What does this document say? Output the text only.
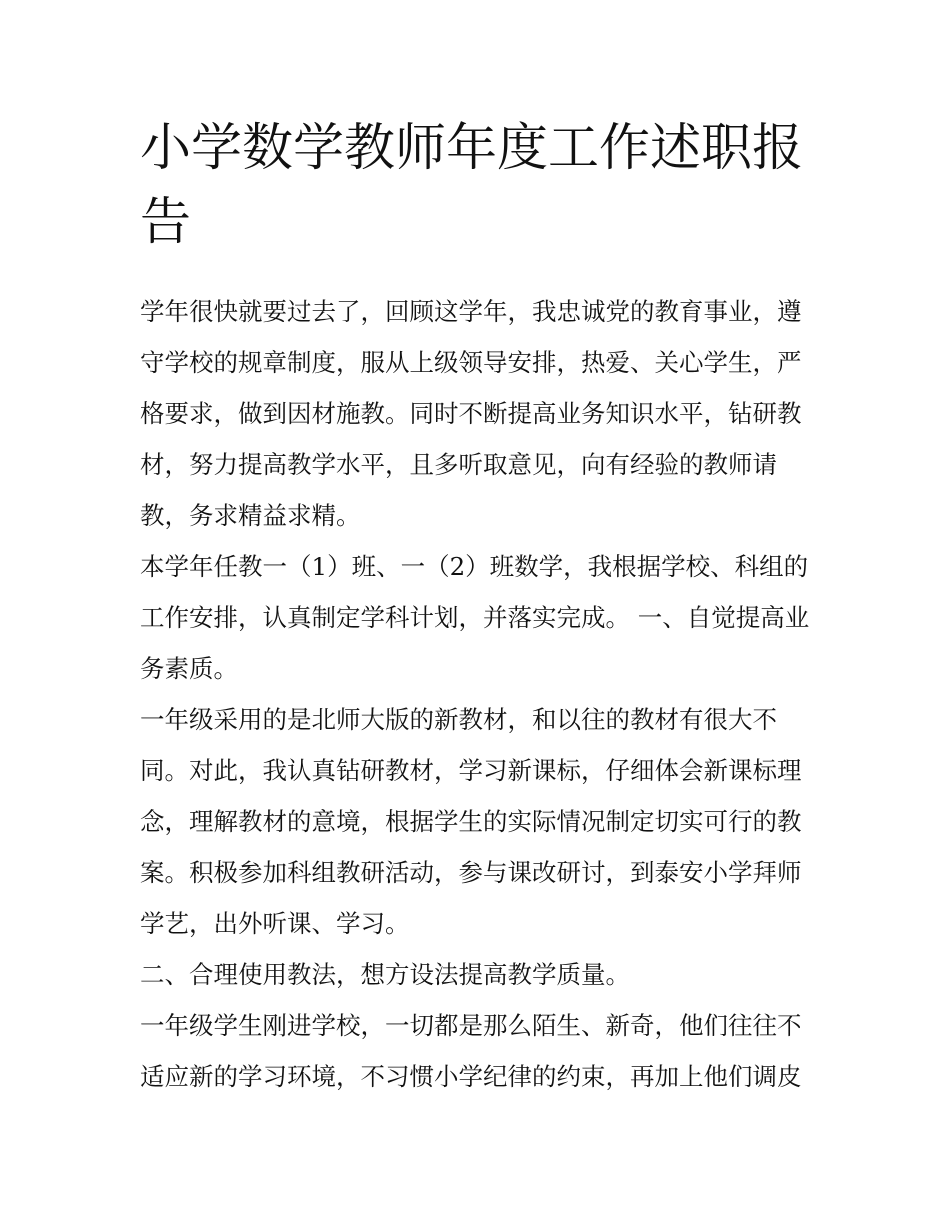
小学数学教师年度工作述职报告

学年很快就要过去了，回顾这学年，我忠诚党的教育事业，遵守学校的规章制度，服从上级领导安排，热爱、关心学生，严格要求，做到因材施教。同时不断提高业务知识水平，钻研教材，努力提高教学水平，且多听取意见，向有经验的教师请教，务求精益求精。

本学年任教一（1）班、一（2）班数学，我根据学校、科组的工作安排，认真制定学科计划，并落实完成。 一、自觉提高业务素质。

一年级采用的是北师大版的新教材，和以往的教材有很大不同。对此，我认真钻研教材，学习新课标，仔细体会新课标理念，理解教材的意境，根据学生的实际情况制定切实可行的教案。积极参加科组教研活动，参与课改研讨，到泰安小学拜师学艺，出外听课、学习。

二、合理使用教法，想方设法提高教学质量。

一年级学生刚进学校，一切都是那么陌生、新奇，他们往往不适应新的学习环境，不习惯小学纪律的约束，再加上他们调皮
